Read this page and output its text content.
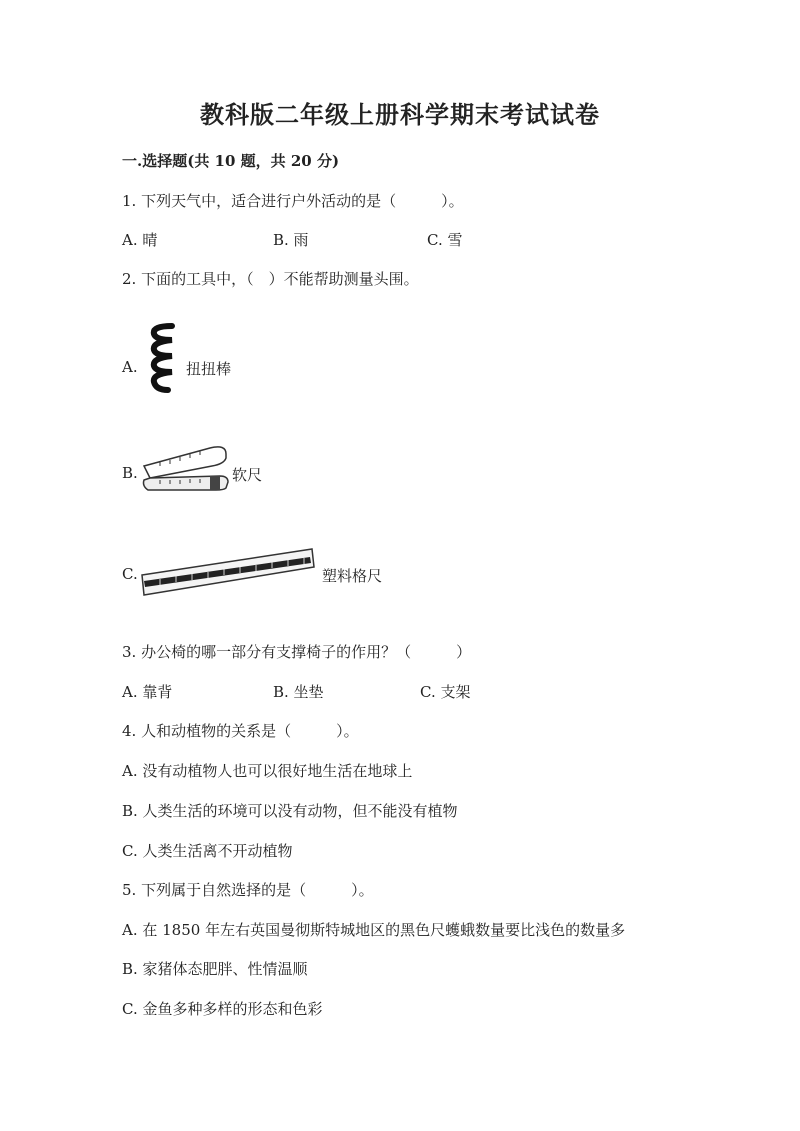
教科版二年级上册科学期末考试试卷
一.选择题(共 10 题，共 20 分)
1. 下列天气中，适合进行户外活动的是（　　　）。
A. 晴	B. 雨	C. 雪
2. 下面的工具中，（　）不能帮助测量头围。
A.	扭扭棒
B.	软尺
C.	塑料格尺
3. 办公椅的哪一部分有支撑椅子的作用？（　　　）
A. 靠背	B. 坐垫	C. 支架
4. 人和动植物的关系是（　　　）。
A. 没有动植物人也可以很好地生活在地球上
B. 人类生活的环境可以没有动物，但不能没有植物
C. 人类生活离不开动植物
5. 下列属于自然选择的是（　　　）。
A. 在 1850 年左右英国曼彻斯特城地区的黑色尺蠖蛾数量要比浅色的数量多
B. 家猪体态肥胖、性情温顺
C. 金鱼多种多样的形态和色彩
